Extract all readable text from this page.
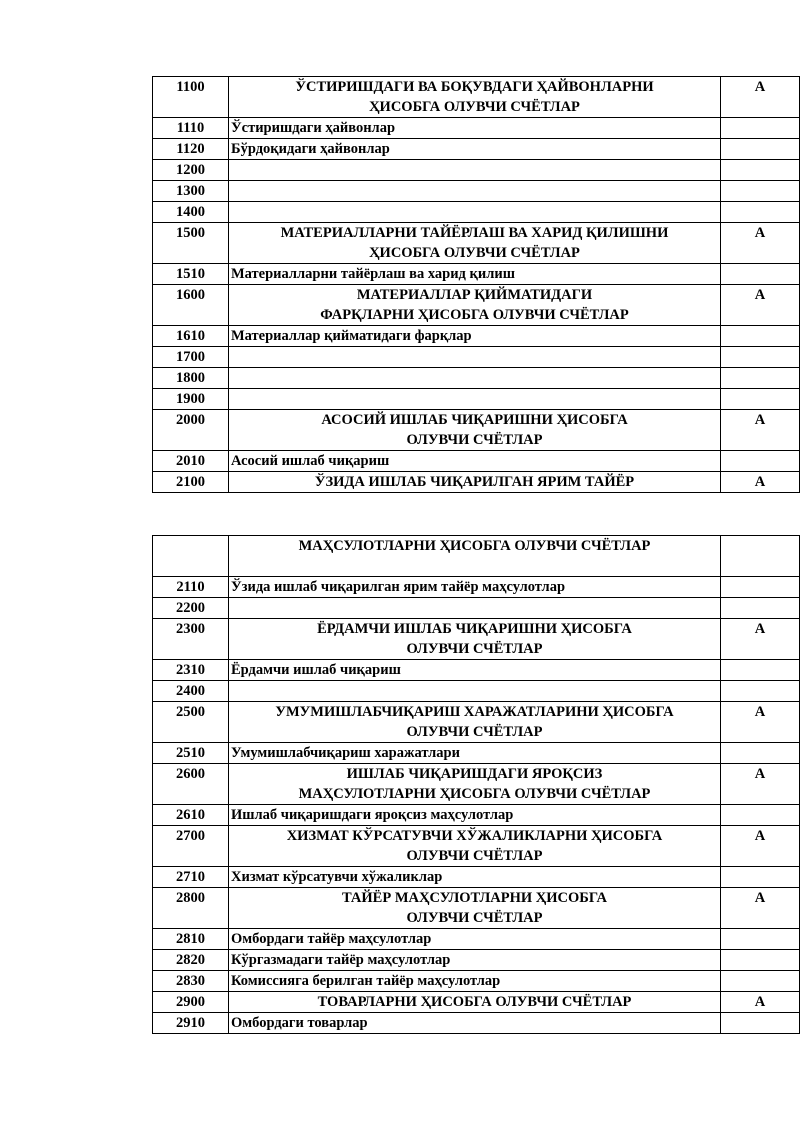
1100	ЎСТИРИШДАГИ ВА БОҚУВДАГИ ҲАЙВОНЛАРНИ
ҲИСОБГА ОЛУВЧИ СЧЁТЛАР	А
1110	Ўстиришдаги ҳайвонлар	

1120	Бўрдоқидаги ҳайвонлар	

1200	

1300	

1400	

1500	МАТЕРИАЛЛАРНИ ТАЙЁРЛАШ ВА ХАРИД ҚИЛИШНИ
ҲИСОБГА ОЛУВЧИ СЧЁТЛАР	А
1510	Материалларни тайёрлаш ва харид қилиш	

1600	МАТЕРИАЛЛАР ҚИЙМАТИДАГИ
ФАРҚЛАРНИ ҲИСОБГА ОЛУВЧИ СЧЁТЛАР	А
1610	Материаллар қийматидаги фарқлар	

1700	

1800	

1900	

2000	АСОСИЙ ИШЛАБ ЧИҚАРИШНИ ҲИСОБГА
ОЛУВЧИ СЧЁТЛАР	А
2010	Асосий ишлаб чиқариш	

2100	ЎЗИДА ИШЛАБ ЧИҚАРИЛГАН ЯРИМ ТАЙЁР	А

	МАҲСУЛОТЛАРНИ ҲИСОБГА ОЛУВЧИ СЧЁТЛАР	

2110	Ўзида ишлаб чиқарилган ярим тайёр маҳсулотлар	

2200	

2300	ЁРДАМЧИ ИШЛАБ ЧИҚАРИШНИ ҲИСОБГА
ОЛУВЧИ СЧЁТЛАР	А
2310	Ёрдамчи ишлаб чиқариш	

2400	

2500	УМУМИШЛАБЧИҚАРИШ ХАРАЖАТЛАРИНИ ҲИСОБГА
ОЛУВЧИ СЧЁТЛАР	А
2510	Умумишлабчиқариш харажатлари	

2600	ИШЛАБ ЧИҚАРИШДАГИ ЯРОҚСИЗ
МАҲСУЛОТЛАРНИ ҲИСОБГА ОЛУВЧИ СЧЁТЛАР	А
2610	Ишлаб чиқаришдаги яроқсиз маҳсулотлар	

2700	ХИЗМАТ КЎРСАТУВЧИ ХЎЖАЛИКЛАРНИ ҲИСОБГА
ОЛУВЧИ СЧЁТЛАР	А
2710	Хизмат кўрсатувчи хўжаликлар	

2800	ТАЙЁР МАҲСУЛОТЛАРНИ ҲИСОБГА
ОЛУВЧИ СЧЁТЛАР	А
2810	Омбордаги тайёр маҳсулотлар	

2820	Кўргазмадаги тайёр маҳсулотлар	

2830	Комиссияга берилган тайёр маҳсулотлар	

2900	ТОВАРЛАРНИ ҲИСОБГА ОЛУВЧИ СЧЁТЛАР	А
2910	Омбордаги товарлар	
